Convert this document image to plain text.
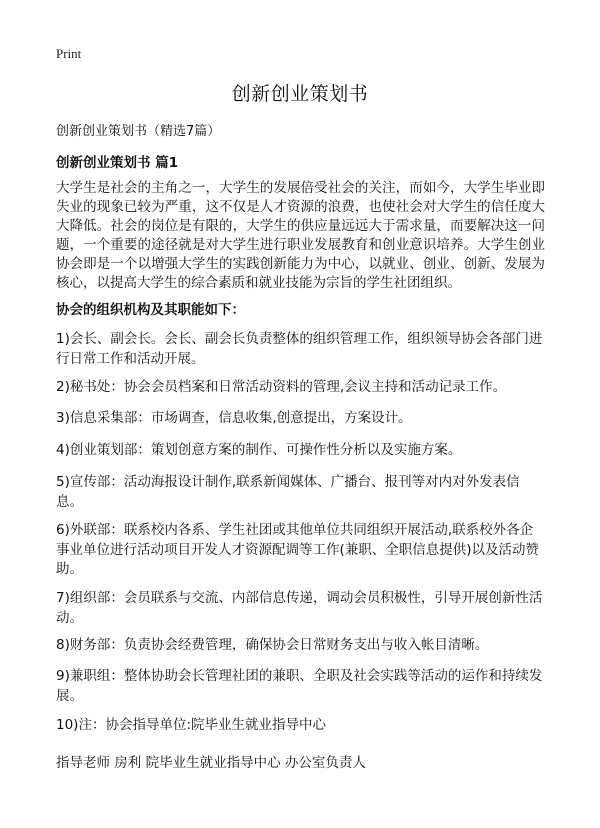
Print
创新创业策划书

创新创业策划书（精选7篇）

创新创业策划书 篇1

大学生是社会的主角之一，大学生的发展倍受社会的关注，而如今，大学生毕业即失业的现象已较为严重，这不仅是人才资源的浪费，也使社会对大学生的信任度大大降低。社会的岗位是有限的，大学生的供应量远远大于需求量，而要解决这一问题，一个重要的途径就是对大学生进行职业发展教育和创业意识培养。大学生创业协会即是一个以增强大学生的实践创新能力为中心，以就业、创业、创新、发展为核心，以提高大学生的综合素质和就业技能为宗旨的学生社团组织。

协会的组织机构及其职能如下：

1)会长、副会长。会长、副会长负责整体的组织管理工作，组织领导协会各部门进行日常工作和活动开展。

2)秘书处：协会会员档案和日常活动资料的管理,会议主持和活动记录工作。

3)信息采集部：市场调查，信息收集,创意提出，方案设计。

4)创业策划部：策划创意方案的制作、可操作性分析以及实施方案。

5)宣传部：活动海报设计制作,联系新闻媒体、广播台、报刊等对内对外发表信息。

6)外联部：联系校内各系、学生社团或其他单位共同组织开展活动,联系校外各企事业单位进行活动项目开发人才资源配调等工作(兼职、全职信息提供)以及活动赞助。

7)组织部：会员联系与交流、内部信息传递，调动会员积极性，引导开展创新性活动。

8)财务部：负责协会经费管理，确保协会日常财务支出与收入帐目清晰。

9)兼职组：整体协助会长管理社团的兼职、全职及社会实践等活动的运作和持续发展。

10)注：协会指导单位:院毕业生就业指导中心

指导老师 房利 院毕业生就业指导中心 办公室负责人
